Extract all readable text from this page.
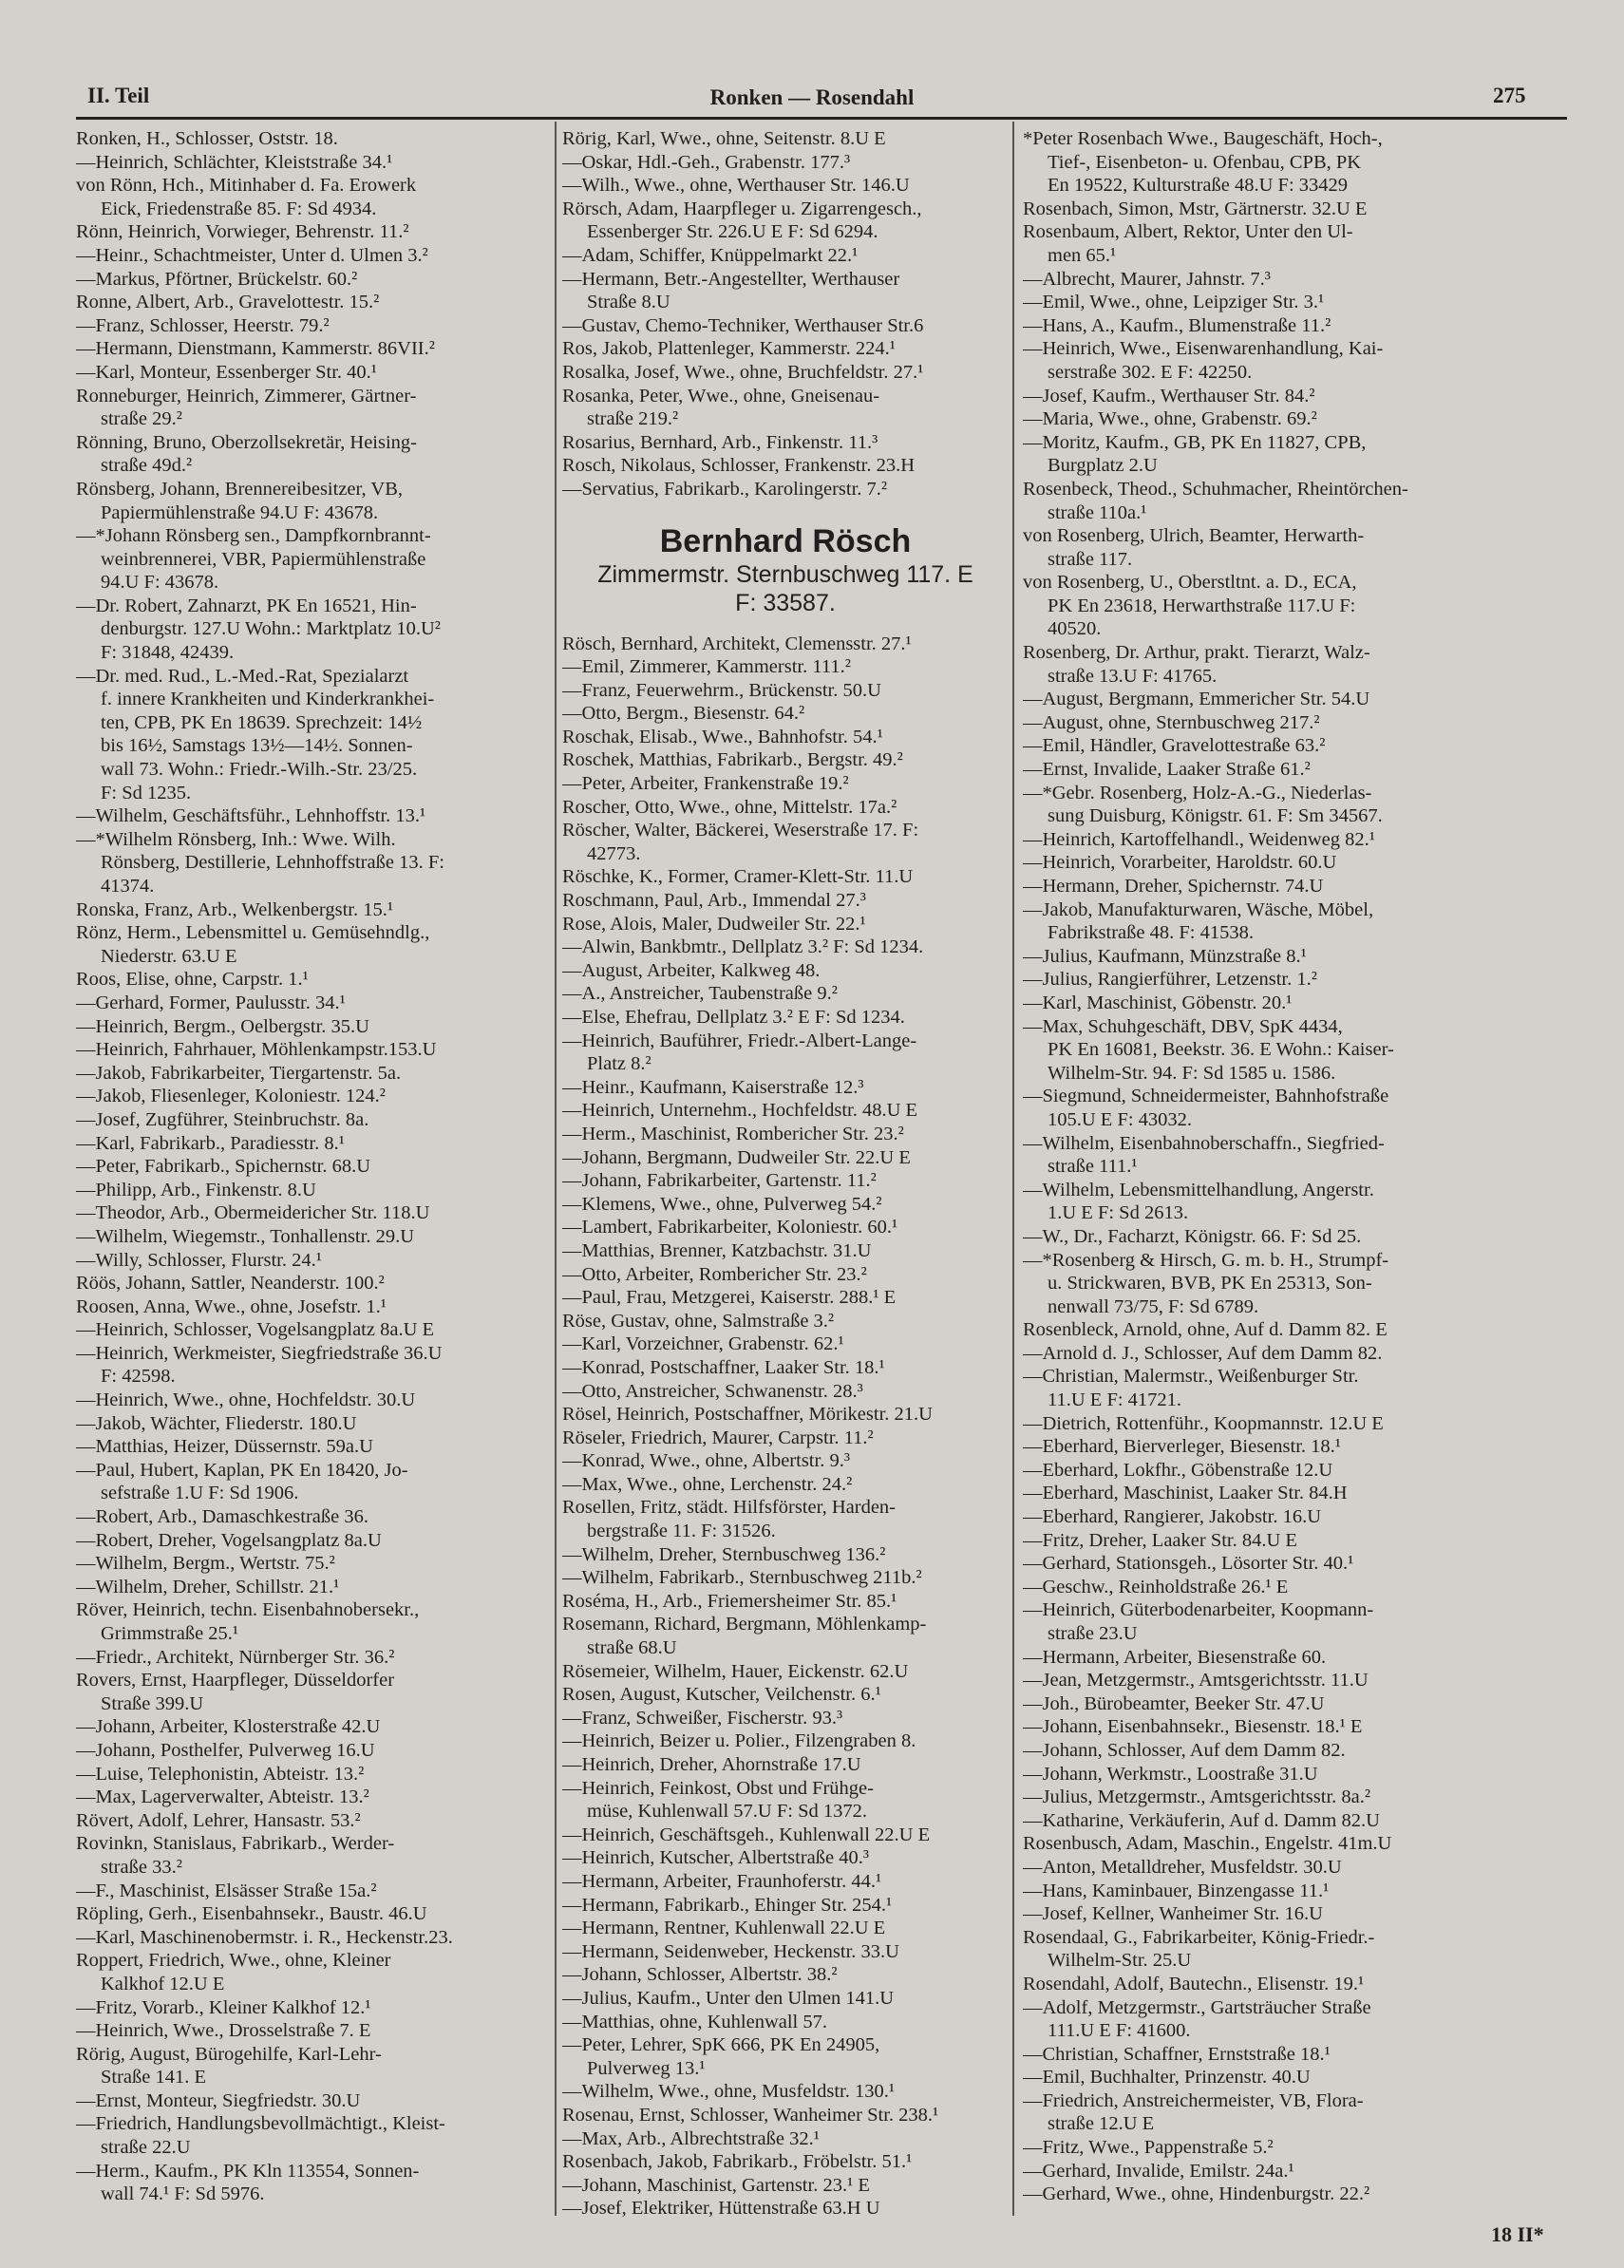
II. Teil	Ronken — Rosendahl	275
Ronken, H., Schlosser, Oststr. 18.
—Heinrich, Schlächter, Kleiststraße 34.¹
von Rönn, Hch., Mitinhaber d. Fa. Erowerk
Eick, Friedenstraße 85. F: Sd 4934.
Rönn, Heinrich, Vorwieger, Behrenstr. 11.²
—Heinr., Schachtmeister, Unter d. Ulmen 3.²
—Markus, Pförtner, Brückelstr. 60.²
Ronne, Albert, Arb., Gravelottestr. 15.²
—Franz, Schlosser, Heerstr. 79.²
—Hermann, Dienstmann, Kammerstr. 86VII.²
—Karl, Monteur, Essenberger Str. 40.¹
Ronneburger, Heinrich, Zimmerer, Gärtner-
straße 29.²
Rönning, Bruno, Oberzollsekretär, Heising-
straße 49d.²
Rönsberg, Johann, Brennereibesitzer, VB,
Papiermühlenstraße 94.U F: 43678.
—*Johann Rönsberg sen., Dampfkornbrannt-
weinbrennerei, VBR, Papiermühlenstraße
94.U F: 43678.
—Dr. Robert, Zahnarzt, PK En 16521, Hin-
denburgstr. 127.U Wohn.: Marktplatz 10.U²
F: 31848, 42439.
—Dr. med. Rud., L.-Med.-Rat, Spezialarzt
f. innere Krankheiten und Kinderkrankhei-
ten, CPB, PK En 18639. Sprechzeit: 14½
bis 16½, Samstags 13½—14½. Sonnen-
wall 73. Wohn.: Friedr.-Wilh.-Str. 23/25.
F: Sd 1235.
—Wilhelm, Geschäftsführ., Lehnhoffstr. 13.¹
—*Wilhelm Rönsberg, Inh.: Wwe. Wilh.
Rönsberg, Destillerie, Lehnhoffstraße 13. F:
41374.
Ronska, Franz, Arb., Welkenbergstr. 15.¹
Rönz, Herm., Lebensmittel u. Gemüsehndlg.,
Niederstr. 63.U E
Roos, Elise, ohne, Carpstr. 1.¹
—Gerhard, Former, Paulusstr. 34.¹
—Heinrich, Bergm., Oelbergstr. 35.U
—Heinrich, Fahrhauer, Möhlenkampstr.153.U
—Jakob, Fabrikarbeiter, Tiergartenstr. 5a.
—Jakob, Fliesenleger, Koloniestr. 124.²
—Josef, Zugführer, Steinbruchstr. 8a.
—Karl, Fabrikarb., Paradiesstr. 8.¹
—Peter, Fabrikarb., Spichernstr. 68.U
—Philipp, Arb., Finkenstr. 8.U
—Theodor, Arb., Obermeidericher Str. 118.U
—Wilhelm, Wiegemstr., Tonhallenstr. 29.U
—Willy, Schlosser, Flurstr. 24.¹
Röös, Johann, Sattler, Neanderstr. 100.²
Roosen, Anna, Wwe., ohne, Josefstr. 1.¹
—Heinrich, Schlosser, Vogelsangplatz 8a.U E
—Heinrich, Werkmeister, Siegfriedstraße 36.U
F: 42598.
—Heinrich, Wwe., ohne, Hochfeldstr. 30.U
—Jakob, Wächter, Fliederstr. 180.U
—Matthias, Heizer, Düssernstr. 59a.U
—Paul, Hubert, Kaplan, PK En 18420, Jo-
sefstraße 1.U F: Sd 1906.
—Robert, Arb., Damaschkestraße 36.
—Robert, Dreher, Vogelsangplatz 8a.U
—Wilhelm, Bergm., Wertstr. 75.²
—Wilhelm, Dreher, Schillstr. 21.¹
Röver, Heinrich, techn. Eisenbahnobersekr.,
Grimmstraße 25.¹
—Friedr., Architekt, Nürnberger Str. 36.²
Rovers, Ernst, Haarpfleger, Düsseldorfer
Straße 399.U
—Johann, Arbeiter, Klosterstraße 42.U
—Johann, Posthelfer, Pulverweg 16.U
—Luise, Telephonistin, Abteistr. 13.²
—Max, Lagerverwalter, Abteistr. 13.²
Rövert, Adolf, Lehrer, Hansastr. 53.²
Rovinkn, Stanislaus, Fabrikarb., Werder-
straße 33.²
—F., Maschinist, Elsässer Straße 15a.²
Röpling, Gerh., Eisenbahnsekr., Baustr. 46.U
—Karl, Maschinenobermstr. i. R., Heckenstr.23.
Roppert, Friedrich, Wwe., ohne, Kleiner
Kalkhof 12.U E
—Fritz, Vorarb., Kleiner Kalkhof 12.¹
—Heinrich, Wwe., Drosselstraße 7. E
Rörig, August, Bürogehilfe, Karl-Lehr-
Straße 141. E
—Ernst, Monteur, Siegfriedstr. 30.U
—Friedrich, Handlungsbevollmächtigt., Kleist-
straße 22.U
—Herm., Kaufm., PK Kln 113554, Sonnen-
wall 74.¹ F: Sd 5976.
Rörig, Karl, Wwe., ohne, Seitenstr. 8.U E
—Oskar, Hdl.-Geh., Grabenstr. 177.³
—Wilh., Wwe., ohne, Werthauser Str. 146.U
Rörsch, Adam, Haarpfleger u. Zigarrengesch.,
Essenberger Str. 226.U E F: Sd 6294.
—Adam, Schiffer, Knüppelmarkt 22.¹
—Hermann, Betr.-Angestellter, Werthauser
Straße 8.U
—Gustav, Chemo-Techniker, Werthauser Str.6
Ros, Jakob, Plattenleger, Kammerstr. 224.¹
Rosalka, Josef, Wwe., ohne, Bruchfeldstr. 27.¹
Rosanka, Peter, Wwe., ohne, Gneisenau-
straße 219.²
Rosarius, Bernhard, Arb., Finkenstr. 11.³
Rosch, Nikolaus, Schlosser, Frankenstr. 23.H
—Servatius, Fabrikarb., Karolingerstr. 7.²
Bernhard Rösch
Zimmermstr. Sternbuschweg 117. E
F: 33587.
Rösch, Bernhard, Architekt, Clemensstr. 27.¹
—Emil, Zimmerer, Kammerstr. 111.²
—Franz, Feuerwehrm., Brückenstr. 50.U
—Otto, Bergm., Biesenstr. 64.²
Roschak, Elisab., Wwe., Bahnhofstr. 54.¹
Roschek, Matthias, Fabrikarb., Bergstr. 49.²
—Peter, Arbeiter, Frankenstraße 19.²
Roscher, Otto, Wwe., ohne, Mittelstr. 17a.²
Röscher, Walter, Bäckerei, Weserstraße 17. F:
42773.
Röschke, K., Former, Cramer-Klett-Str. 11.U
Roschmann, Paul, Arb., Immendal 27.³
Rose, Alois, Maler, Dudweiler Str. 22.¹
—Alwin, Bankbmtr., Dellplatz 3.² F: Sd 1234.
—August, Arbeiter, Kalkweg 48.
—A., Anstreicher, Taubenstraße 9.²
—Else, Ehefrau, Dellplatz 3.² E F: Sd 1234.
—Heinrich, Bauführer, Friedr.-Albert-Lange-
Platz 8.²
—Heinr., Kaufmann, Kaiserstraße 12.³
—Heinrich, Unternehm., Hochfeldstr. 48.U E
—Herm., Maschinist, Rombericher Str. 23.²
—Johann, Bergmann, Dudweiler Str. 22.U E
—Johann, Fabrikarbeiter, Gartenstr. 11.²
—Klemens, Wwe., ohne, Pulverweg 54.²
—Lambert, Fabrikarbeiter, Koloniestr. 60.¹
—Matthias, Brenner, Katzbachstr. 31.U
—Otto, Arbeiter, Rombericher Str. 23.²
—Paul, Frau, Metzgerei, Kaiserstr. 288.¹ E
Röse, Gustav, ohne, Salmstraße 3.²
—Karl, Vorzeichner, Grabenstr. 62.¹
—Konrad, Postschaffner, Laaker Str. 18.¹
—Otto, Anstreicher, Schwanenstr. 28.³
Rösel, Heinrich, Postschaffner, Mörikestr. 21.U
Röseler, Friedrich, Maurer, Carpstr. 11.²
—Konrad, Wwe., ohne, Albertstr. 9.³
—Max, Wwe., ohne, Lerchenstr. 24.²
Rosellen, Fritz, städt. Hilfsförster, Harden-
bergstraße 11. F: 31526.
—Wilhelm, Dreher, Sternbuschweg 136.²
—Wilhelm, Fabrikarb., Sternbuschweg 211b.²
Roséma, H., Arb., Friemersheimer Str. 85.¹
Rosemann, Richard, Bergmann, Möhlenkamp-
straße 68.U
Rösemeier, Wilhelm, Hauer, Eickenstr. 62.U
Rosen, August, Kutscher, Veilchenstr. 6.¹
—Franz, Schweißer, Fischerstr. 93.³
—Heinrich, Beizer u. Polier., Filzengraben 8.
—Heinrich, Dreher, Ahornstraße 17.U
—Heinrich, Feinkost, Obst und Frühge-
müse, Kuhlenwall 57.U F: Sd 1372.
—Heinrich, Geschäftsgeh., Kuhlenwall 22.U E
—Heinrich, Kutscher, Albertstraße 40.³
—Hermann, Arbeiter, Fraunhoferstr. 44.¹
—Hermann, Fabrikarb., Ehinger Str. 254.¹
—Hermann, Rentner, Kuhlenwall 22.U E
—Hermann, Seidenweber, Heckenstr. 33.U
—Johann, Schlosser, Albertstr. 38.²
—Julius, Kaufm., Unter den Ulmen 141.U
—Matthias, ohne, Kuhlenwall 57.
—Peter, Lehrer, SpK 666, PK En 24905,
Pulverweg 13.¹
—Wilhelm, Wwe., ohne, Musfeldstr. 130.¹
Rosenau, Ernst, Schlosser, Wanheimer Str. 238.¹
—Max, Arb., Albrechtstraße 32.¹
Rosenbach, Jakob, Fabrikarb., Fröbelstr. 51.¹
—Johann, Maschinist, Gartenstr. 23.¹ E
—Josef, Elektriker, Hüttenstraße 63.H U
*Peter Rosenbach Wwe., Baugeschäft, Hoch-,
Tief-, Eisenbeton- u. Ofenbau, CPB, PK
En 19522, Kulturstraße 48.U F: 33429
Rosenbach, Simon, Mstr, Gärtnerstr. 32.U E
Rosenbaum, Albert, Rektor, Unter den Ul-
men 65.¹
—Albrecht, Maurer, Jahnstr. 7.³
—Emil, Wwe., ohne, Leipziger Str. 3.¹
—Hans, A., Kaufm., Blumenstraße 11.²
—Heinrich, Wwe., Eisenwarenhandlung, Kai-
serstraße 302. E F: 42250.
—Josef, Kaufm., Werthauser Str. 84.²
—Maria, Wwe., ohne, Grabenstr. 69.²
—Moritz, Kaufm., GB, PK En 11827, CPB,
Burgplatz 2.U
Rosenbeck, Theod., Schuhmacher, Rheintörchen-
straße 110a.¹
von Rosenberg, Ulrich, Beamter, Herwarth-
straße 117.
von Rosenberg, U., Oberstltnt. a. D., ECA,
PK En 23618, Herwarthstraße 117.U F:
40520.
Rosenberg, Dr. Arthur, prakt. Tierarzt, Walz-
straße 13.U F: 41765.
—August, Bergmann, Emmericher Str. 54.U
—August, ohne, Sternbuschweg 217.²
—Emil, Händler, Gravelottestraße 63.²
—Ernst, Invalide, Laaker Straße 61.²
—*Gebr. Rosenberg, Holz-A.-G., Niederlas-
sung Duisburg, Königstr. 61. F: Sm 34567.
—Heinrich, Kartoffelhandl., Weidenweg 82.¹
—Heinrich, Vorarbeiter, Haroldstr. 60.U
—Hermann, Dreher, Spichernstr. 74.U
—Jakob, Manufakturwaren, Wäsche, Möbel,
Fabrikstraße 48. F: 41538.
—Julius, Kaufmann, Münzstraße 8.¹
—Julius, Rangierführer, Letzenstr. 1.²
—Karl, Maschinist, Göbenstr. 20.¹
—Max, Schuhgeschäft, DBV, SpK 4434,
PK En 16081, Beekstr. 36. E Wohn.: Kaiser-
Wilhelm-Str. 94. F: Sd 1585 u. 1586.
—Siegmund, Schneidermeister, Bahnhofstraße
105.U E F: 43032.
—Wilhelm, Eisenbahnoberschaffn., Siegfried-
straße 111.¹
—Wilhelm, Lebensmittelhandlung, Angerstr.
1.U E F: Sd 2613.
—W., Dr., Facharzt, Königstr. 66. F: Sd 25.
—*Rosenberg & Hirsch, G. m. b. H., Strumpf-
u. Strickwaren, BVB, PK En 25313, Son-
nenwall 73/75, F: Sd 6789.
Rosenbleck, Arnold, ohne, Auf d. Damm 82. E
—Arnold d. J., Schlosser, Auf dem Damm 82.
—Christian, Malermstr., Weißenburger Str.
11.U E F: 41721.
—Dietrich, Rottenführ., Koopmannstr. 12.U E
—Eberhard, Bierverleger, Biesenstr. 18.¹
—Eberhard, Lokfhr., Göbenstraße 12.U
—Eberhard, Maschinist, Laaker Str. 84.H
—Eberhard, Rangierer, Jakobstr. 16.U
—Fritz, Dreher, Laaker Str. 84.U E
—Gerhard, Stationsgeh., Lösorter Str. 40.¹
—Geschw., Reinholdstraße 26.¹ E
—Heinrich, Güterbodenarbeiter, Koopmann-
straße 23.U
—Hermann, Arbeiter, Biesenstraße 60.
—Jean, Metzgermstr., Amtsgerichtsstr. 11.U
—Joh., Bürobeamter, Beeker Str. 47.U
—Johann, Eisenbahnsekr., Biesenstr. 18.¹ E
—Johann, Schlosser, Auf dem Damm 82.
—Johann, Werkmstr., Loostraße 31.U
—Julius, Metzgermstr., Amtsgerichtsstr. 8a.²
—Katharine, Verkäuferin, Auf d. Damm 82.U
Rosenbusch, Adam, Maschin., Engelstr. 41m.U
—Anton, Metalldreher, Musfeldstr. 30.U
—Hans, Kaminbauer, Binzengasse 11.¹
—Josef, Kellner, Wanheimer Str. 16.U
Rosendaal, G., Fabrikarbeiter, König-Friedr.-
Wilhelm-Str. 25.U
Rosendahl, Adolf, Bautechn., Elisenstr. 19.¹
—Adolf, Metzgermstr., Gartsträucher Straße
111.U E F: 41600.
—Christian, Schaffner, Ernststraße 18.¹
—Emil, Buchhalter, Prinzenstr. 40.U
—Friedrich, Anstreichermeister, VB, Flora-
straße 12.U E
—Fritz, Wwe., Pappenstraße 5.²
—Gerhard, Invalide, Emilstr. 24a.¹
—Gerhard, Wwe., ohne, Hindenburgstr. 22.²
18 II*
